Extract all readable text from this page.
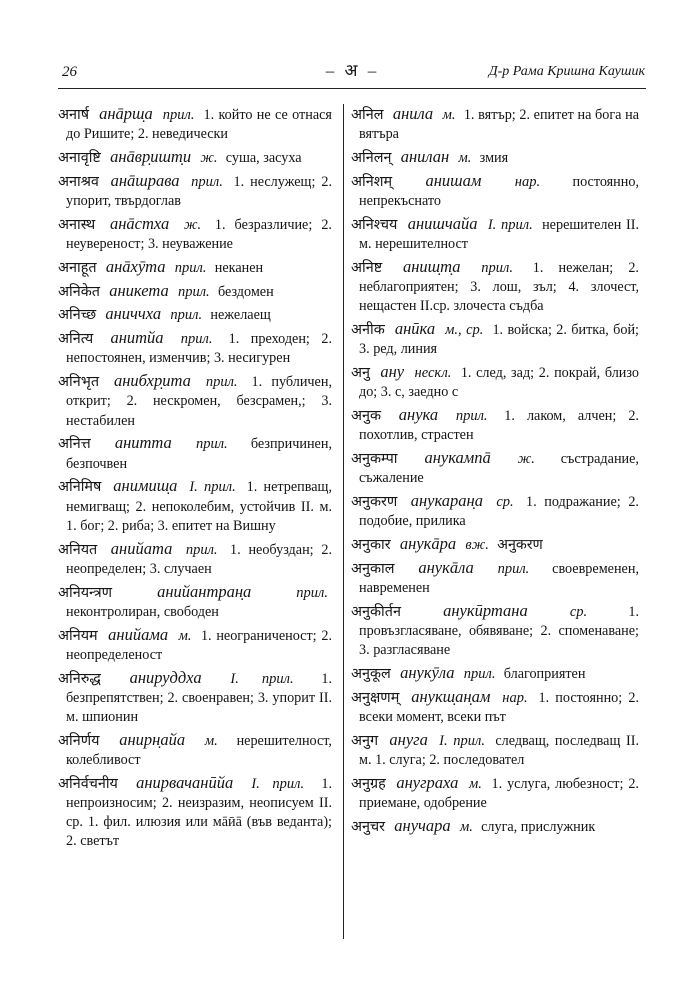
26	– अ –	Д-р Рама Кришна Каушик
अनार्ष анāрш̣а прил. 1. който не се отнася до Ришите; 2. неведически
अनावृष्टि анāвр̣ишт̣и ж. суша, засуха
अनाश्रव анāшрава прил. 1. неслужещ; 2. упорит, твърдоглав
अनास्थ анāстха ж. 1. безразличие; 2. неувереност; 3. неуважение
अनाहूत анāхӯта прил. неканен
अनिकेत аникета прил. бездомен
अनिच्छ аниччха прил. нежелаещ
अनित्य анитйа прил. 1. преходен; 2. непостоянен, изменчив; 3. несигурен
अनिभृत анибхр̣ита прил. 1. публичен, открит; 2. нескромен, безсрамен,; 3. нестабилен
अनित्त анитта прил. безпричинен, безпочвен
अनिमिष анимиш̣а I. прил. 1. нетрепващ, немигващ; 2. непоколебим, устойчив II. м. 1. бог; 2. риба; 3. епитет на Вишну
अनियत анийата прил. 1. необуздан; 2. неопределен; 3. случаен
अनियन्त्रण	анийантран̣а	прил. неконтролиран, свободен
अनियम анийама м. 1. неограниченост; 2. неопределеност
अनिरुद्ध анируддха I. прил. 1. безпрепятствен; 2. своенравен; 3. упорит II. м. шпионин
अनिर्णय анирн̣айа м. нерешителност, колебливост
अनिर्वचनीय анирвачанӣйа I. прил. 1. непроизносим; 2. неизразим, неописуем II. ср. 1. фил. илюзия или мāӣā (във веданта); 2. светът
अनिल анила м. 1. вятър; 2. епитет на бога на вятъра
अनिलन् анилан м. змия
अनिशम् анишам нар. постоянно, непрекъснато
अनिश्चय анишчайа I. прил. нерешителен II. м. нерешителност
अनिष्ट аниш̣т̣а прил. 1. нежелан; 2. неблагоприятен; 3. лош, зъл; 4. злочест, нещастен II.ср. злочеста съдба
अनीक анӣка м., ср. 1. войска; 2. битка, бой; 3. ред, линия
अनु ану нескл. 1. след, зад; 2. покрай, близо до; 3. с, заедно с
अनुक анука прил. 1. лаком, алчен; 2. похотлив, страстен
अनुकम्पा анукампā ж. състрадание, съжаление
अनुकरण анукаран̣а ср. 1. подражание; 2. подобие, прилика
अनुकार анукāра вж. अनुकरण
अनुकाल анукāла прил. своевременен, навременен
अनुकीर्तन	анукӣртана	ср.	1. провъзгласяване, обявяване; 2. споменаване; 3. разгласяване
अनुकूल анукӯла прил. благоприятен
अनुक्षणम् анукш̣ан̣ам нар. 1. постоянно; 2. всеки момент, всеки път
अनुग ануга I. прил. следващ, последващ II. м. 1. слуга; 2. последовател
अनुग्रह ануграха м. 1. услуга, любезност; 2. приемане, одобрение
अनुचर анучара м. слуга, прислужник
